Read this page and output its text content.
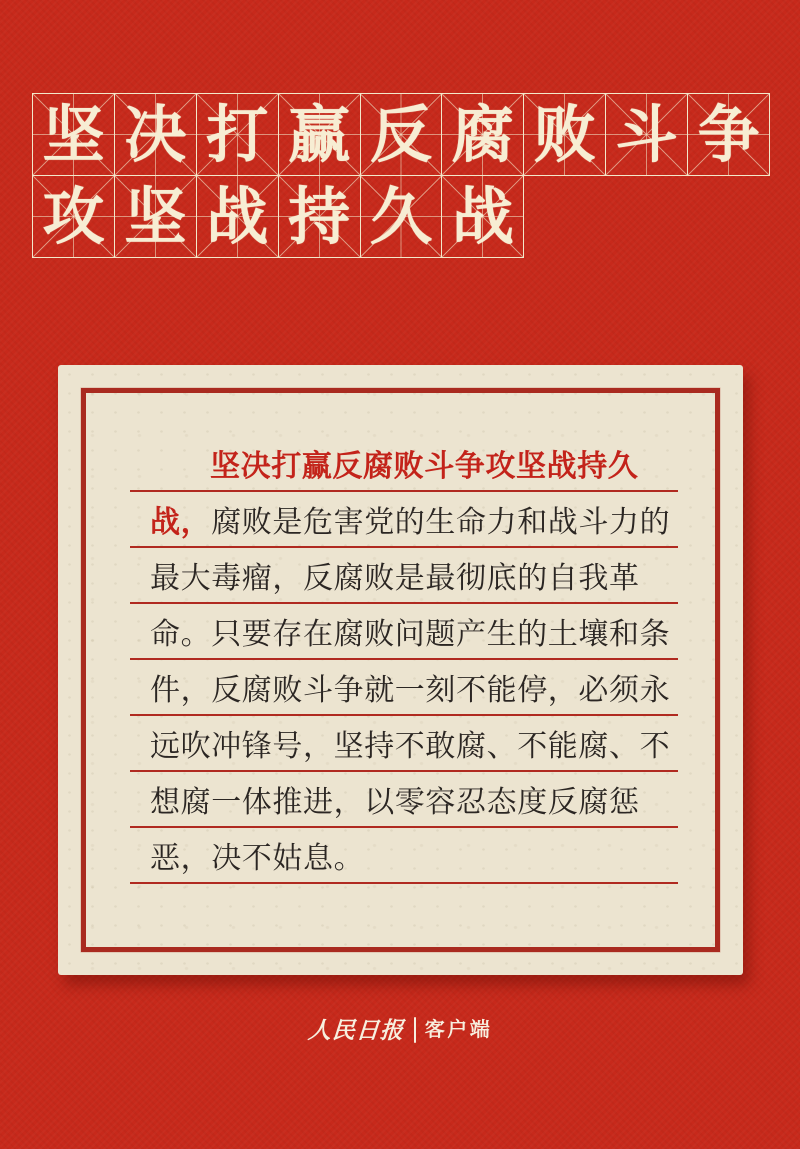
坚 决 打 赢 反 腐 败 斗 争
攻 坚 战 持 久 战
坚决打赢反腐败斗争攻坚战持久
战， 腐败是危害党的生命力和战斗力的
最大毒瘤，反腐败是最彻底的自我革
命。只要存在腐败问题产生的土壤和条
件，反腐败斗争就一刻不能停，必须永
远吹冲锋号，坚持不敢腐、不能腐、不
想腐一体推进，以零容忍态度反腐惩
恶，决不姑息。
人民日报 客户端
